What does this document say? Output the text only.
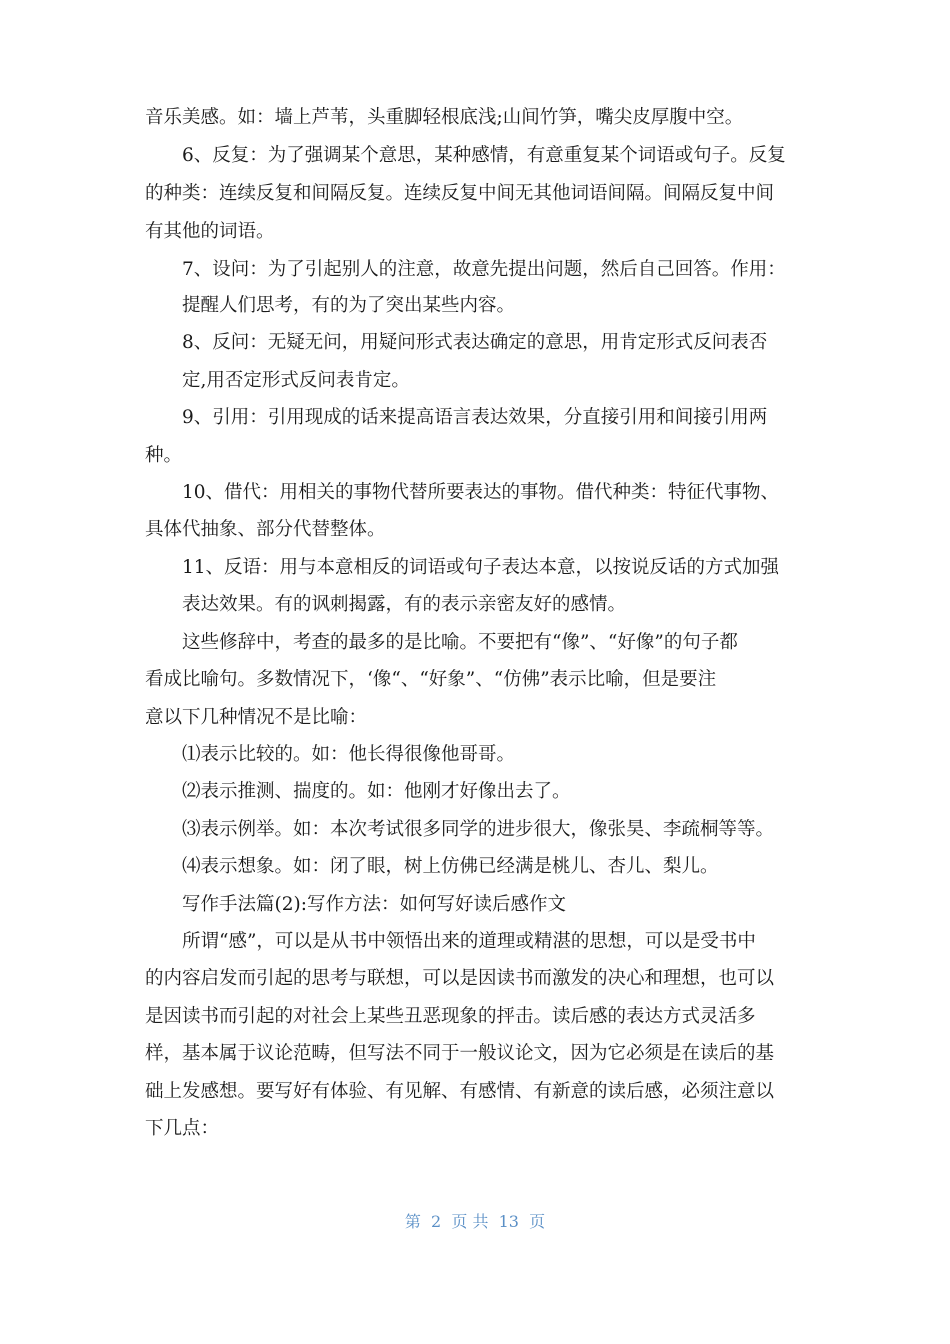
音乐美感。如：墙上芦苇，头重脚轻根底浅;山间竹笋，嘴尖皮厚腹中空。
6、反复：为了强调某个意思，某种感情，有意重复某个词语或句子。反复
的种类：连续反复和间隔反复。连续反复中间无其他词语间隔。间隔反复中间
有其他的词语。
7、设问：为了引起别人的注意，故意先提出问题，然后自己回答。作用：
提醒人们思考，有的为了突出某些内容。
8、反问：无疑无问，用疑问形式表达确定的意思，用肯定形式反问表否
定,用否定形式反问表肯定。
9、引用：引用现成的话来提高语言表达效果，分直接引用和间接引用两
种。
10、借代：用相关的事物代替所要表达的事物。借代种类：特征代事物、
具体代抽象、部分代替整体。
11、反语：用与本意相反的词语或句子表达本意，以按说反话的方式加强
表达效果。有的讽刺揭露，有的表示亲密友好的感情。
这些修辞中，考查的最多的是比喻。不要把有“像”、“好像”的句子都
看成比喻句。多数情况下，‘像“、“好象”、“仿佛”表示比喻，但是要注
意以下几种情况不是比喻：
⑴表示比较的。如：他长得很像他哥哥。
⑵表示推测、揣度的。如：他刚才好像出去了。
⑶表示例举。如：本次考试很多同学的进步很大，像张昊、李疏桐等等。
⑷表示想象。如：闭了眼，树上仿佛已经满是桃儿、杏儿、梨儿。
写作手法篇(2):写作方法：如何写好读后感作文
所谓“感”，可以是从书中领悟出来的道理或精湛的思想，可以是受书中
的内容启发而引起的思考与联想，可以是因读书而激发的决心和理想，也可以
是因读书而引起的对社会上某些丑恶现象的抨击。读后感的表达方式灵活多
样，基本属于议论范畴，但写法不同于一般议论文，因为它必须是在读后的基
础上发感想。要写好有体验、有见解、有感情、有新意的读后感，必须注意以
下几点：
第  2  页 共  13  页
